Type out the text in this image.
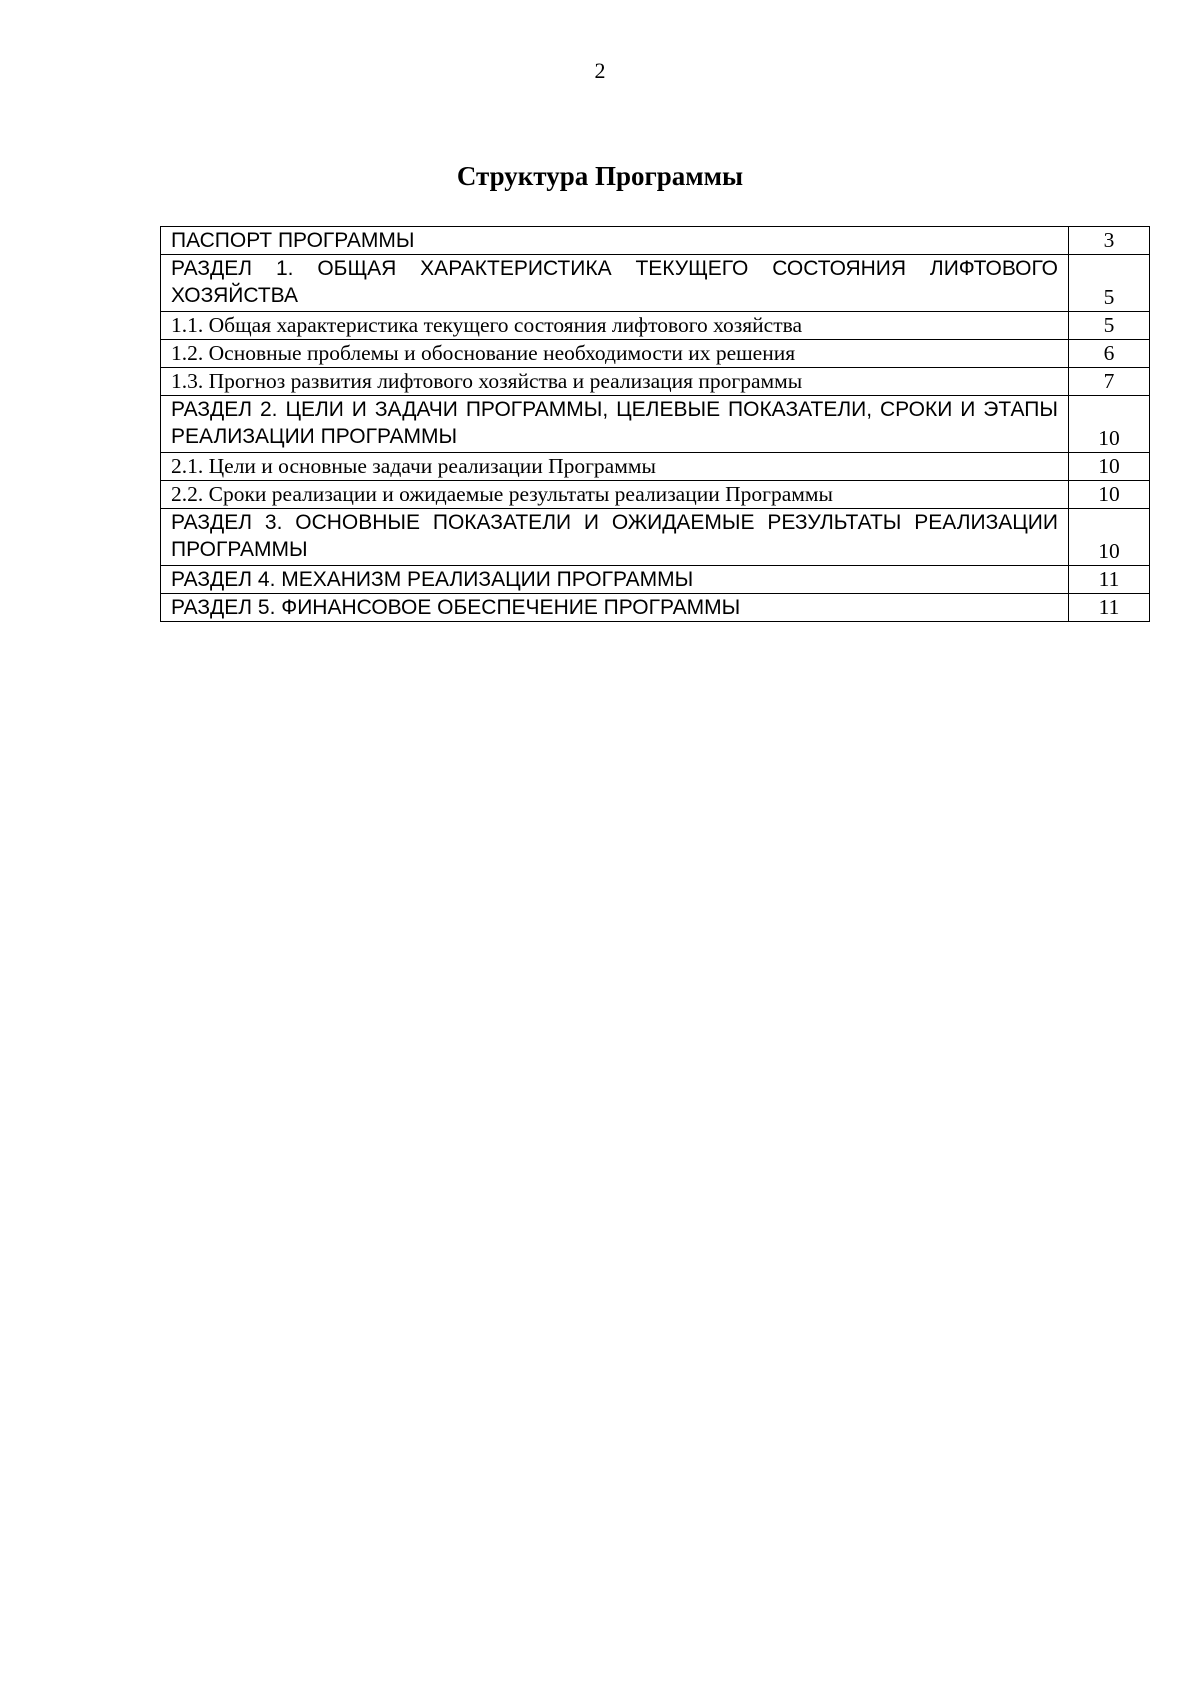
2
Структура Программы
ПАСПОРТ ПРОГРАММЫ	3
РАЗДЕЛ 1. ОБЩАЯ ХАРАКТЕРИСТИКА ТЕКУЩЕГО СОСТОЯНИЯ ЛИФТОВОГО ХОЗЯЙСТВА	5
1.1. Общая характеристика текущего состояния лифтового хозяйства	5
1.2. Основные проблемы и обоснование необходимости их решения	6
1.3. Прогноз развития лифтового хозяйства и реализация программы	7
РАЗДЕЛ 2. ЦЕЛИ И ЗАДАЧИ ПРОГРАММЫ, ЦЕЛЕВЫЕ ПОКАЗАТЕЛИ, СРОКИ И ЭТАПЫ РЕАЛИЗАЦИИ ПРОГРАММЫ	10
2.1. Цели и основные задачи реализации Программы	10
2.2. Сроки реализации и ожидаемые результаты реализации Программы	10
РАЗДЕЛ 3. ОСНОВНЫЕ ПОКАЗАТЕЛИ И ОЖИДАЕМЫЕ РЕЗУЛЬТАТЫ РЕАЛИЗАЦИИ ПРОГРАММЫ	10
РАЗДЕЛ 4. МЕХАНИЗМ РЕАЛИЗАЦИИ ПРОГРАММЫ	11
РАЗДЕЛ 5. ФИНАНСОВОЕ ОБЕСПЕЧЕНИЕ ПРОГРАММЫ	11
